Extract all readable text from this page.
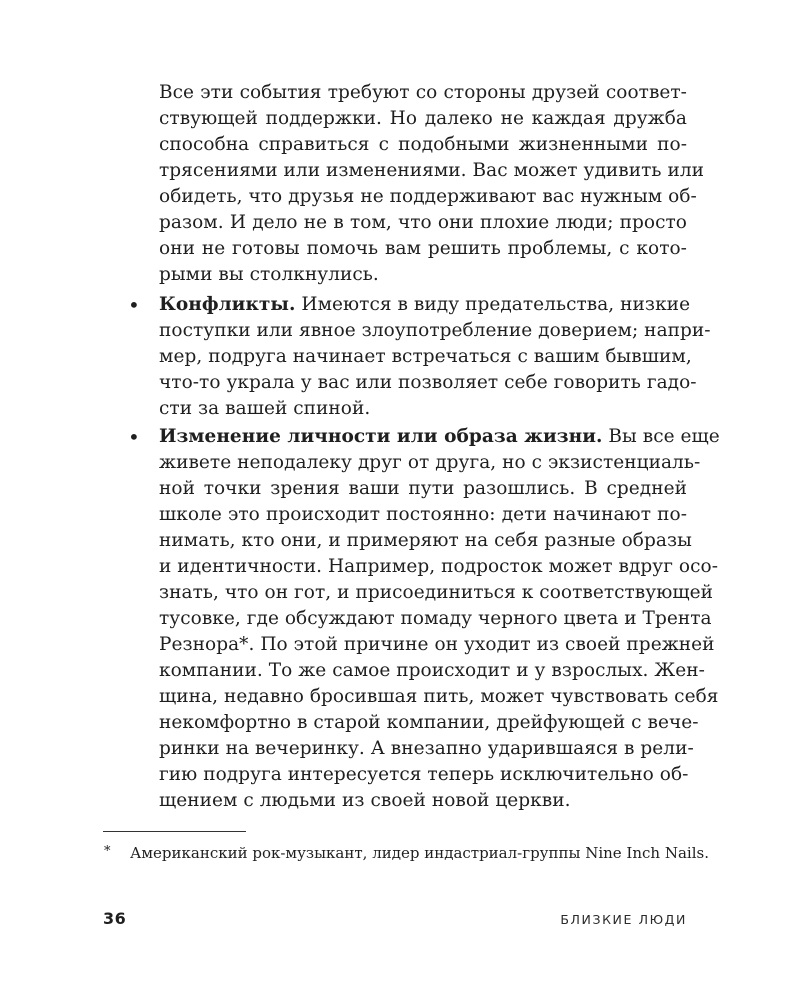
Все эти события требуют со стороны друзей соответ-
ствующей поддержки. Но далеко не каждая дружба
способна справиться с подобными жизненными по-
трясениями или изменениями. Вас может удивить или
обидеть, что друзья не поддерживают вас нужным об-
разом. И дело не в том, что они плохие люди; просто
они не готовы помочь вам решить проблемы, с кото-
рыми вы столкнулись.
• Конфликты. Имеются в виду предательства, низкие
поступки или явное злоупотребление доверием; напри-
мер, подруга начинает встречаться с вашим бывшим,
что-то украла у вас или позволяет себе говорить гадо-
сти за вашей спиной.
• Изменение личности или образа жизни. Вы все еще
живете неподалеку друг от друга, но с экзистенциаль-
ной точки зрения ваши пути разошлись. В средней
школе это происходит постоянно: дети начинают по-
нимать, кто они, и примеряют на себя разные образы
и идентичности. Например, подросток может вдруг осо-
знать, что он гот, и присоединиться к соответствующей
тусовке, где обсуждают помаду черного цвета и Трента
Резнора*. По этой причине он уходит из своей прежней
компании. То же самое происходит и у взрослых. Жен-
щина, недавно бросившая пить, может чувствовать себя
некомфортно в старой компании, дрейфующей с вече-
ринки на вечеринку. А внезапно ударившаяся в рели-
гию подруга интересуется теперь исключительно об-
щением с людьми из своей новой церкви.
* Американский рок-музыкант, лидер индастриал-группы Nine Inch Nails.
36	БЛИЗКИЕ ЛЮДИ
